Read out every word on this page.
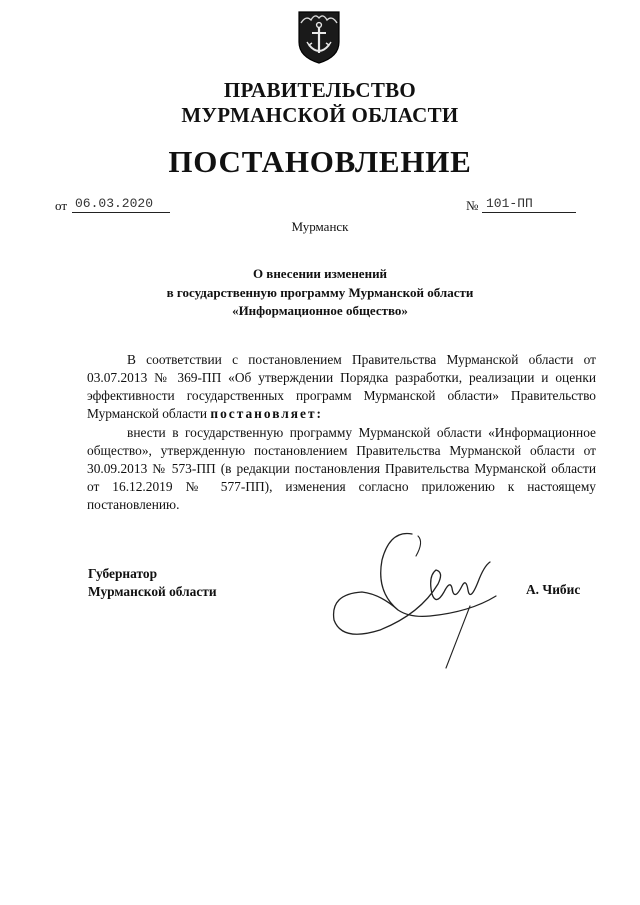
ПРАВИТЕЛЬСТВО
МУРМАНСКОЙ ОБЛАСТИ
ПОСТАНОВЛЕНИЕ
от 06.03.2020	№ 101-ПП
Мурманск
О внесении изменений
в государственную программу Мурманской области
«Информационное общество»

В соответствии с постановлением Правительства Мурманской области от 03.07.2013 № 369-ПП «Об утверждении Порядка разработки, реализации и оценки эффективности государственных программ Мурманской области» Правительство Мурманской области постановляет:

внести в государственную программу Мурманской области «Информационное общество», утвержденную постановлением Правительства Мурманской области от 30.09.2013 № 573-ПП (в редакции постановления Правительства Мурманской области от 16.12.2019 № 577-ПП), изменения согласно приложению к настоящему постановлению.

Губернатор
Мурманской области	А. Чибис
